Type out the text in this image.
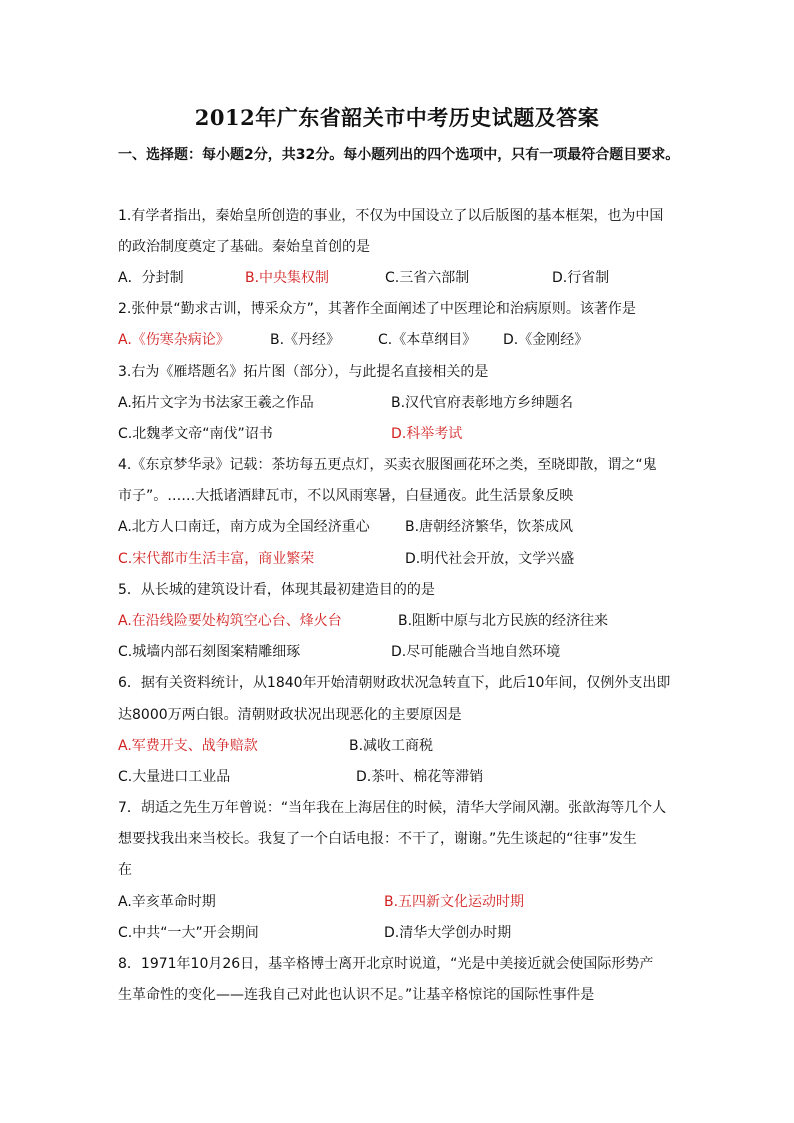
2012年广东省韶关市中考历史试题及答案
一、选择题：每小题2分，共32分。每小题列出的四个选项中，只有一项最符合题目要求。
1.有学者指出，秦始皇所创造的事业，不仅为中国设立了以后版图的基本框架，也为中国
的政治制度奠定了基础。秦始皇首创的是
A．分封制	B.中央集权制	C.三省六部制	D.行省制
2.张仲景“勤求古训，博采众方”，其著作全面阐述了中医理论和治病原则。该著作是
A.《伤寒杂病论》	B.《丹经》	C.《本草纲目》 D.《金刚经》
3.右为《雁塔题名》拓片图（部分），与此提名直接相关的是
A.拓片文字为书法家王羲之作品	B.汉代官府表彰地方乡绅题名
C.北魏孝文帝“南伐”诏书	D.科举考试
4.《东京梦华录》记载：茶坊每五更点灯，买卖衣服图画花环之类，至晓即散，谓之“鬼
市子”。……大抵诸酒肆瓦市，不以风雨寒暑，白昼通夜。此生活景象反映
A.北方人口南迁，南方成为全国经济重心	B.唐朝经济繁华，饮茶成风
C.宋代都市生活丰富，商业繁荣	D.明代社会开放，文学兴盛
5．从长城的建筑设计看，体现其最初建造目的的是
A.在沿线险要处构筑空心台、烽火台	B.阻断中原与北方民族的经济往来
C.城墙内部石刻图案精雕细琢	D.尽可能融合当地自然环境
6．据有关资料统计，从1840年开始清朝财政状况急转直下，此后10年间，仅例外支出即
达8000万两白银。清朝财政状况出现恶化的主要原因是
A.军费开支、战争赔款	B.减收工商税
C.大量进口工业品	D.茶叶、棉花等滞销
7．胡适之先生万年曾说：“当年我在上海居住的时候，清华大学闹风潮。张歆海等几个人
想要找我出来当校长。我复了一个白话电报：不干了，谢谢。”先生谈起的“往事”发生
在
A.辛亥革命时期	B.五四新文化运动时期
C.中共“一大”开会期间	D.清华大学创办时期
8．1971年10月26日，基辛格博士离开北京时说道，“光是中美接近就会使国际形势产
生革命性的变化——连我自己对此也认识不足。”让基辛格惊诧的国际性事件是
